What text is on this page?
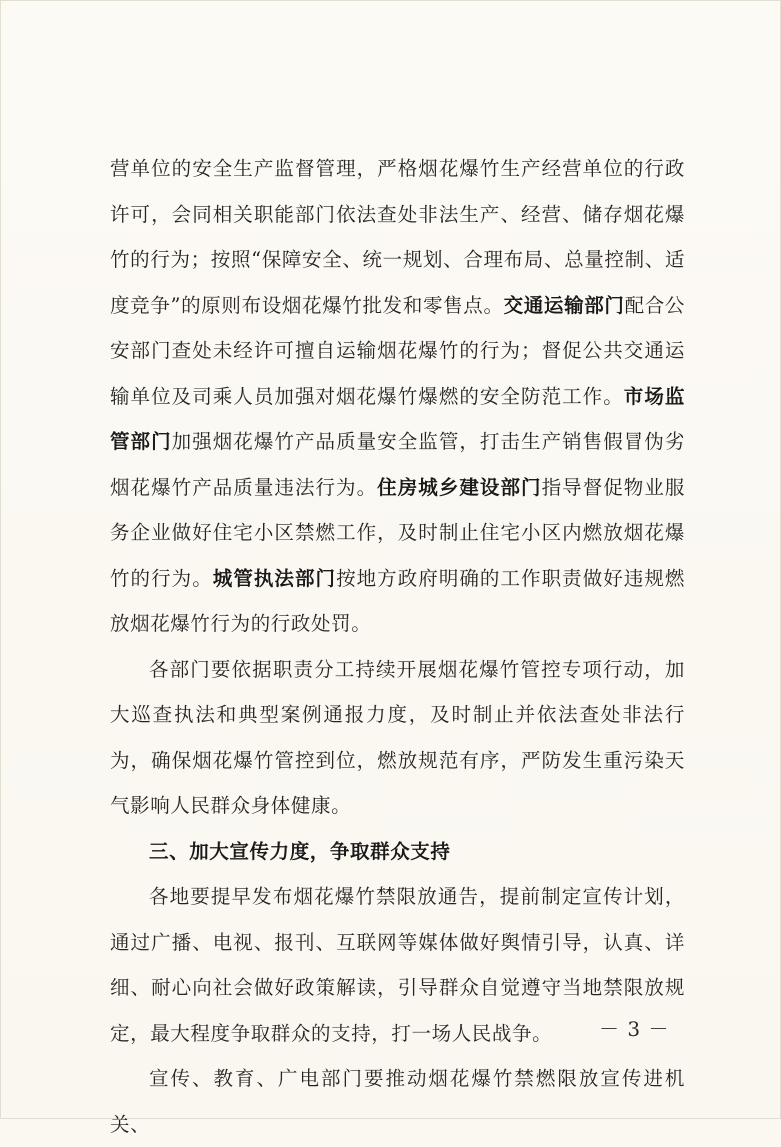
营单位的安全生产监督管理，严格烟花爆竹生产经营单位的行政许可，会同相关职能部门依法查处非法生产、经营、储存烟花爆竹的行为；按照“保障安全、统一规划、合理布局、总量控制、适度竞争”的原则布设烟花爆竹批发和零售点。交通运输部门配合公安部门查处未经许可擅自运输烟花爆竹的行为；督促公共交通运输单位及司乘人员加强对烟花爆竹爆燃的安全防范工作。市场监管部门加强烟花爆竹产品质量安全监管，打击生产销售假冒伪劣烟花爆竹产品质量违法行为。住房城乡建设部门指导督促物业服务企业做好住宅小区禁燃工作，及时制止住宅小区内燃放烟花爆竹的行为。城管执法部门按地方政府明确的工作职责做好违规燃放烟花爆竹行为的行政处罚。

各部门要依据职责分工持续开展烟花爆竹管控专项行动，加大巡查执法和典型案例通报力度，及时制止并依法查处非法行为，确保烟花爆竹管控到位，燃放规范有序，严防发生重污染天气影响人民群众身体健康。

三、加大宣传力度，争取群众支持

各地要提早发布烟花爆竹禁限放通告，提前制定宣传计划，通过广播、电视、报刊、互联网等媒体做好舆情引导，认真、详细、耐心向社会做好政策解读，引导群众自觉遵守当地禁限放规定，最大程度争取群众的支持，打一场人民战争。

宣传、教育、广电部门要推动烟花爆竹禁燃限放宣传进机关、

－ 3 －
